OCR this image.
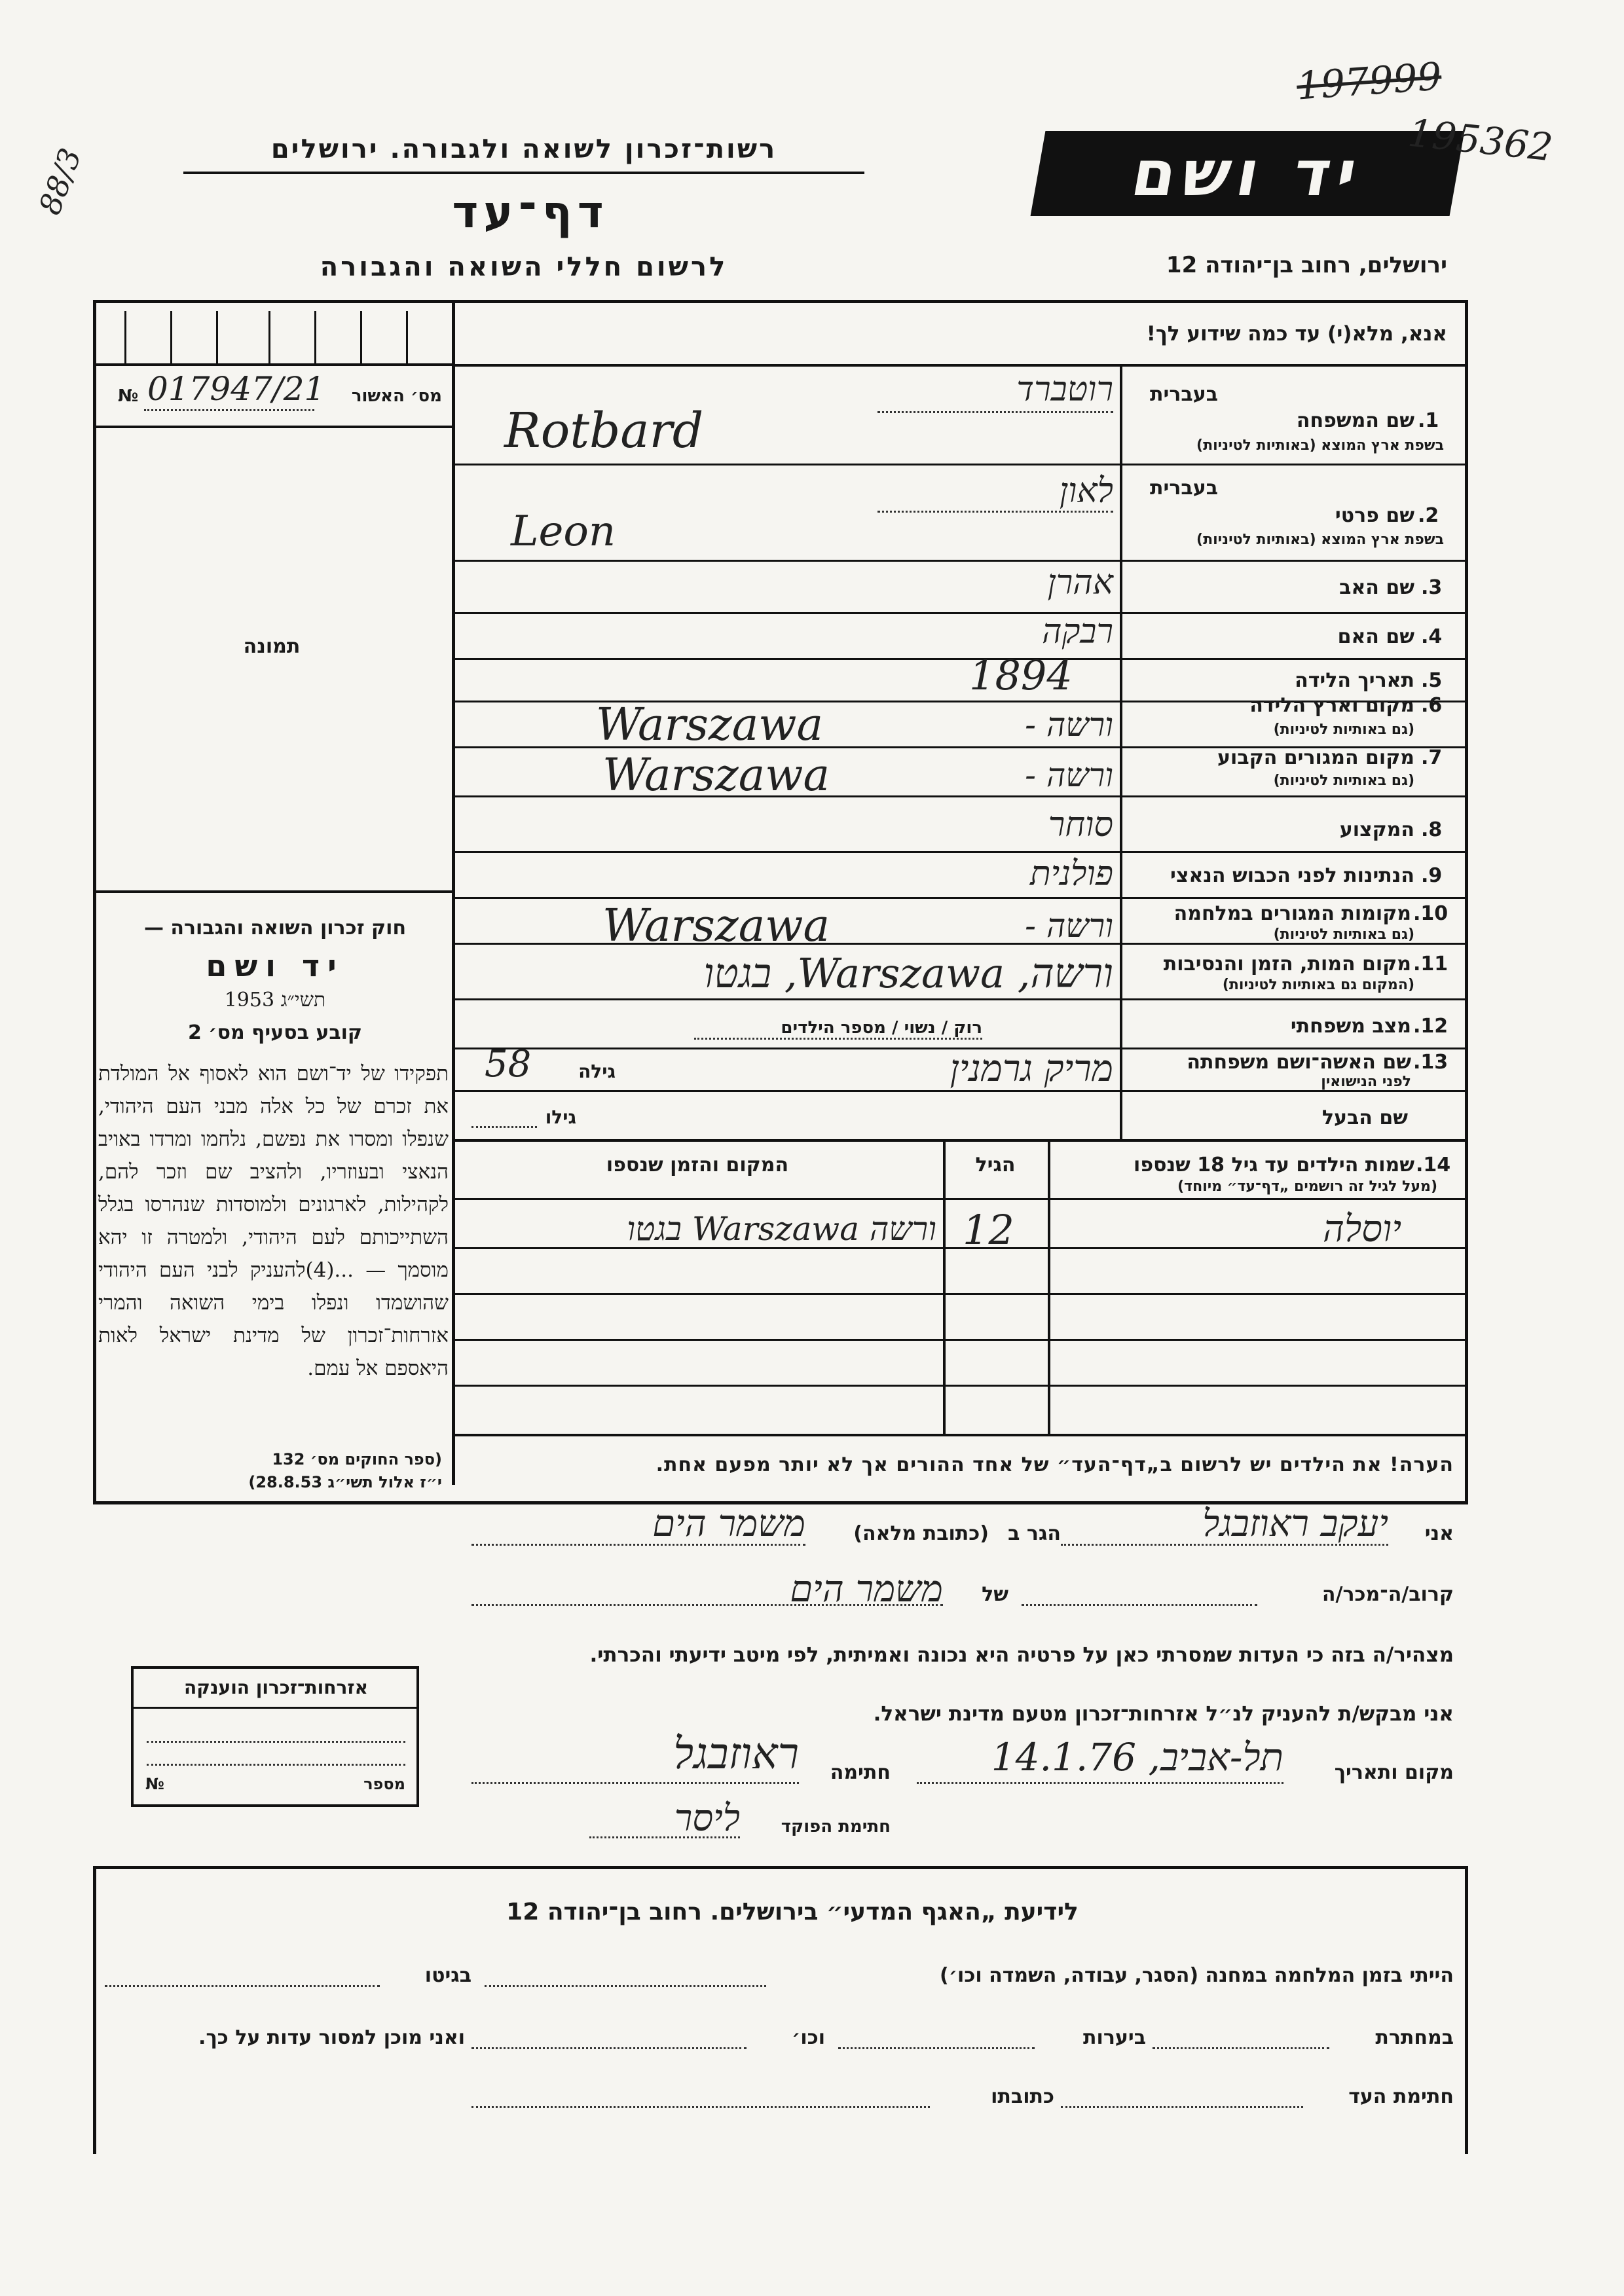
רשות־זכרון לשואה ולגבורה. ירושלים
דף־עד
לרשום חללי השואה והגבורה
יד ושם
ירושלים, רחוב בן־יהודה 12
197999
195362
88/3
אנא, מלא(י) עד כמה שידוע לך!
№ 017947/21	מס׳ האשור
תמונה
1.
שם המשפחה
בעברית
בשפת ארץ המוצא (באותיות לטיניות)
רוטברד
Rotbard
2.
שם פרטי
בעברית
בשפת ארץ המוצא (באותיות לטיניות)
לאון
Leon
3.
שם האב
אהרן
4.
שם האם
רבקה
5.
תאריך הלידה
1894
6.
מקום וארץ הלידה
(גם באותיות לטיניות)
ורשה -
Warszawa
7.
מקום המגורים הקבוע
(גם באותיות לטיניות)
ורשה -
Warszawa
8.
המקצוע
סוחר
9.
הנתינות לפני הכבוש הנאצי
פולנית
10.
מקומות המגורים במלחמה
(גם באותיות לטיניות)
ורשה -
Warszawa
11.
מקום המות, הזמן והנסיבות
(המקום גם באותיות לטיניות)
ורשה, Warszawa, בגטו
12.
מצב משפחתי
רוק / נשוי / מספר הילדים
13.
שם האשה־ושם משפחתה
לפני הנישואין
מריק גרמנין
גילה
58
שם הבעל
גילו
14.
שמות הילדים עד גיל 18 שנספו
(מעל לגיל זה רושמים „דף־עד״ מיוחד)
הגיל
המקום והזמן שנספו
יוסלה
12
ורשה Warszawa בגטו
הערה! את הילדים יש לרשום ב„דף־העד״ של אחד ההורים אך לא יותר מפעם אחת.
חוק זכרון השואה והגבורה —
יד ושם
תשי״ג 1953
קובע בסעיף מס׳ 2
תפקידו של יד־ושם הוא לאסוף אל המולדת את זכרם של כל אלה מבני העם היהודי, שנפלו ומסרו את נפשם, נלחמו ומרדו באויב הנאצי ובעוזריו, ולהציב שם וזכר להם, לקהילות, לארגונים ולמוסדות שנהרסו בגלל השתייכותם לעם היהודי, ולמטרה זו יהא מוסמך — ...(4)להעניק לבני העם היהודי שהושמדו ונפלו בימי השואה והמרי אזרחות־זכרון של מדינת ישראל לאות היאספם אל עמם.
(ספר החוקים מס׳ 132
י״ז אלול תשי״ג 28.8.53)
אני
יעקב ראוזבגל
הגר ב
(כתובת מלאה)
משמר הים
קרוב/ה־מכר/ה
של
משמר הים
מצהיר/ה בזה כי העדות שמסרתי כאן על פרטיה היא נכונה ואמיתית, לפי מיטב ידיעתי והכרתי.
אני מבקש/ת להעניק לנ״ל אזרחות־זכרון מטעם מדינת ישראל.
מקום ותאריך
תל-אביב, 14.1.76
חתימה
ראוזבגל
חתימת הפוקד
ליסר
אזרחות־זכרון הוענקה
№	מספר
לידיעת „האגף המדעי״ בירושלים. רחוב בן־יהודה 12
הייתי בזמן המלחמה במחנה (הסגר, עבודה, השמדה וכו׳)
בגיטו
במחתרת
ביערות
וכו׳
ואני מוכן למסור עדות על כך.
חתימת העד
כתובתו
